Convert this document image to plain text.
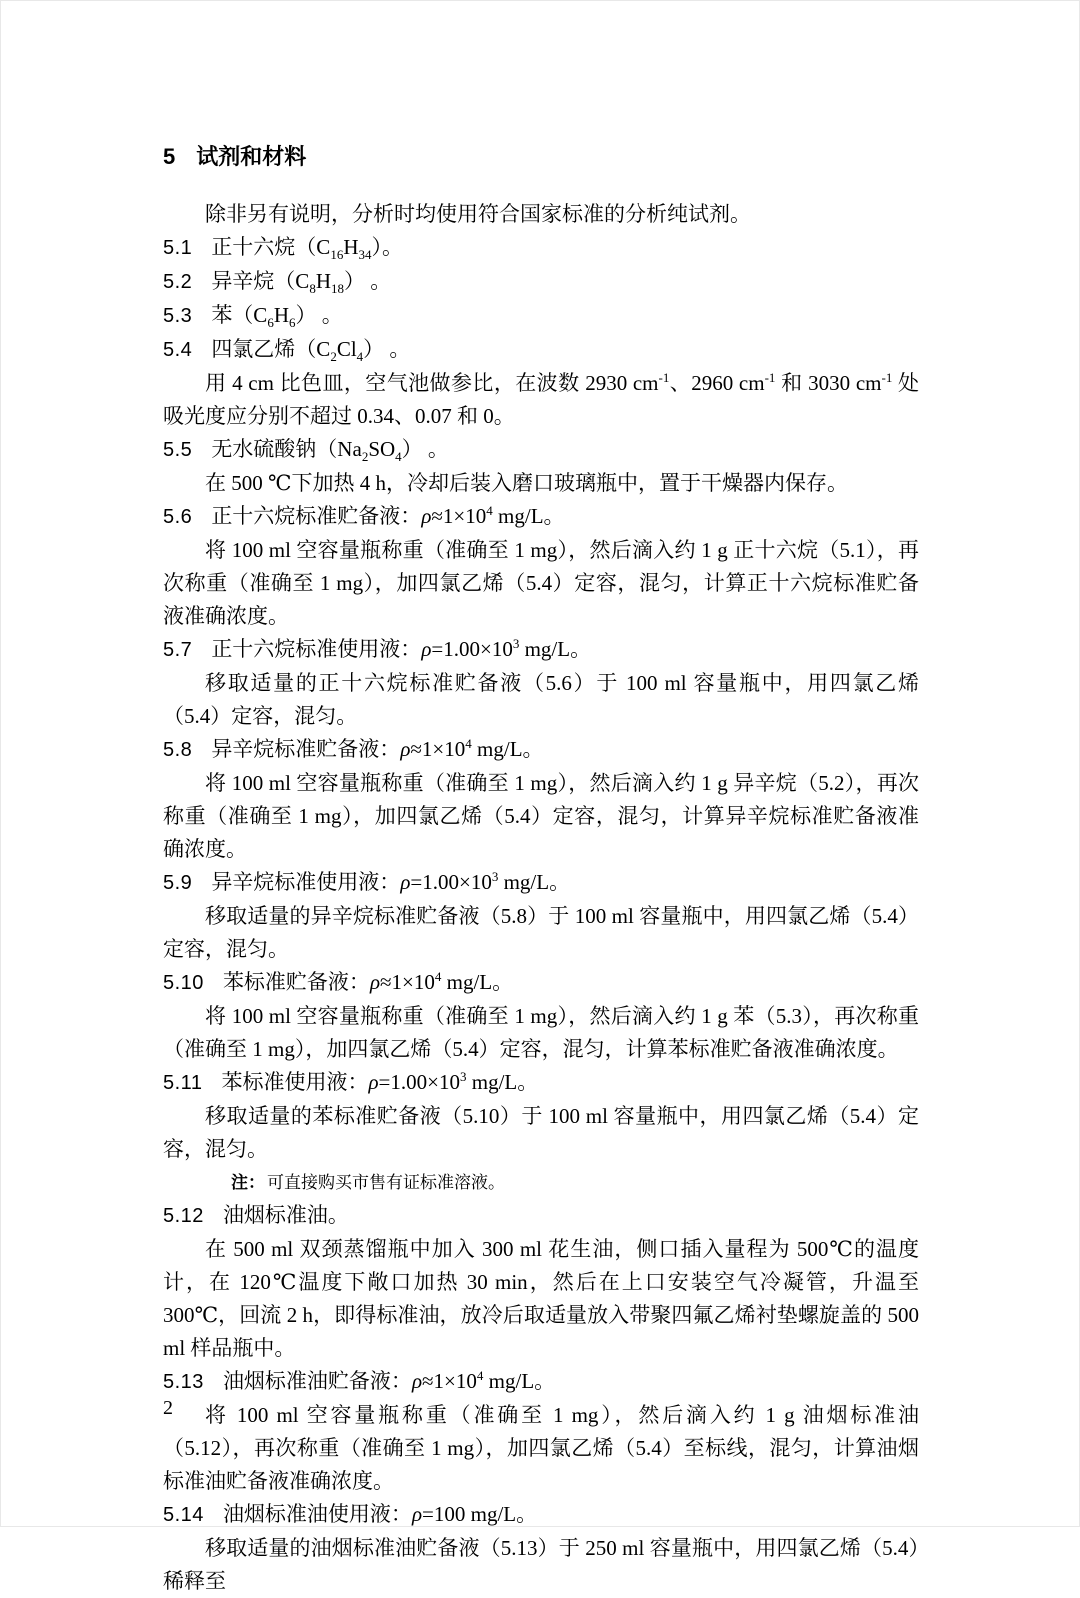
5 试剂和材料

除非另有说明，分析时均使用符合国家标准的分析纯试剂。

5.1 正十六烷$(C_{16}H_{34})$。

5.2 异辛烷$(C_8H_{18})$ 。

5.3 苯$(C_6H_6)$ 。

5.4 四氯乙烯$(C_2Cl_4)$ 。

用 4 cm 比色皿，空气池做参比，在波数 2930 $cm^{-1}$、2960 $cm^{-1}$ 和 3030 $cm^{-1}$ 处吸光度应分别不超过 0.34、0.07 和 0。

5.5 无水硫酸钠$(Na_2SO_4)$ 。

在 500 ℃下加热 4 h，冷却后装入磨口玻璃瓶中，置于干燥器内保存。

5.6 正十六烷标准贮备液：$\rho\approx 1\times 10^4$ mg/L。

将 100 ml 空容量瓶称重（准确至 1 mg），然后滴入约 1 g 正十六烷（5.1），再次称重（准确至 1 mg），加四氯乙烯（5.4）定容，混匀，计算正十六烷标准贮备液准确浓度。

5.7 正十六烷标准使用液：$\rho=1.00\times 10^3$ mg/L。

移取适量的正十六烷标准贮备液（5.6）于 100 ml 容量瓶中，用四氯乙烯（5.4）定容，混匀。

5.8 异辛烷标准贮备液：$\rho\approx 1\times 10^4$ mg/L。

将 100 ml 空容量瓶称重（准确至 1 mg），然后滴入约 1 g 异辛烷（5.2），再次称重（准确至 1 mg），加四氯乙烯（5.4）定容，混匀，计算异辛烷标准贮备液准确浓度。

5.9 异辛烷标准使用液：$\rho=1.00\times 10^3$ mg/L。

移取适量的异辛烷标准贮备液（5.8）于 100 ml 容量瓶中，用四氯乙烯（5.4）定容，混匀。

5.10 苯标准贮备液：$\rho\approx 1\times 10^4$ mg/L。

将 100 ml 空容量瓶称重（准确至 1 mg），然后滴入约 1 g 苯（5.3），再次称重（准确至 1 mg），加四氯乙烯（5.4）定容，混匀，计算苯标准贮备液准确浓度。

5.11 苯标准使用液：$\rho=1.00\times 10^3$ mg/L。

移取适量的苯标准贮备液（5.10）于 100 ml 容量瓶中，用四氯乙烯（5.4）定容，混匀。

注： 可直接购买市售有证标准溶液。

5.12 油烟标准油。

在 500 ml 双颈蒸馏瓶中加入 300 ml 花生油，侧口插入量程为 500℃的温度计，在 120℃温度下敞口加热 30 min，然后在上口安装空气冷凝管，升温至 300℃，回流 2 h，即得标准油，放冷后取适量放入带聚四氟乙烯衬垫螺旋盖的 500 ml 样品瓶中。

5.13 油烟标准油贮备液：$\rho\approx 1\times 10^4$ mg/L。

将 100 ml 空容量瓶称重（准确至 1 mg），然后滴入约 1 g 油烟标准油（5.12），再次称重（准确至 1 mg），加四氯乙烯（5.4）至标线，混匀，计算油烟标准油贮备液准确浓度。

5.14 油烟标准油使用液：ρ=100 mg/L。

移取适量的油烟标准油贮备液（5.13）于 250 ml 容量瓶中，用四氯乙烯（5.4）稀释至

2
